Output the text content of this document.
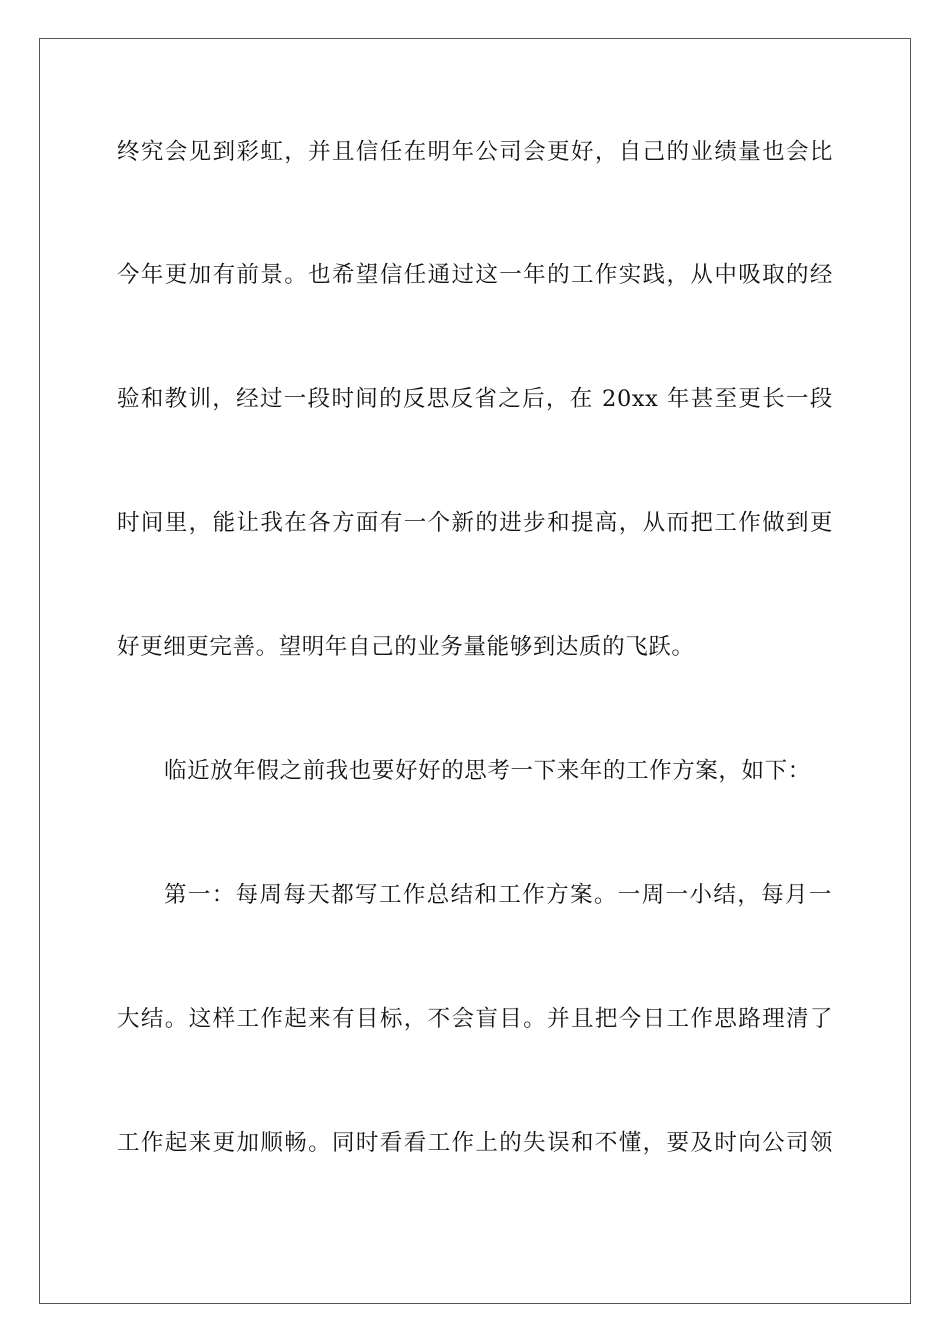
终究会见到彩虹，并且信任在明年公司会更好，自己的业绩量也会比
今年更加有前景。也希望信任通过这一年的工作实践，从中吸取的经
验和教训，经过一段时间的反思反省之后，在 20xx 年甚至更长一段
时间里，能让我在各方面有一个新的进步和提高，从而把工作做到更
好更细更完善。望明年自己的业务量能够到达质的飞跃。
临近放年假之前我也要好好的思考一下来年的工作方案，如下：
第一：每周每天都写工作总结和工作方案。一周一小结，每月一
大结。这样工作起来有目标，不会盲目。并且把今日工作思路理清了
工作起来更加顺畅。同时看看工作上的失误和不懂，要及时向公司领
